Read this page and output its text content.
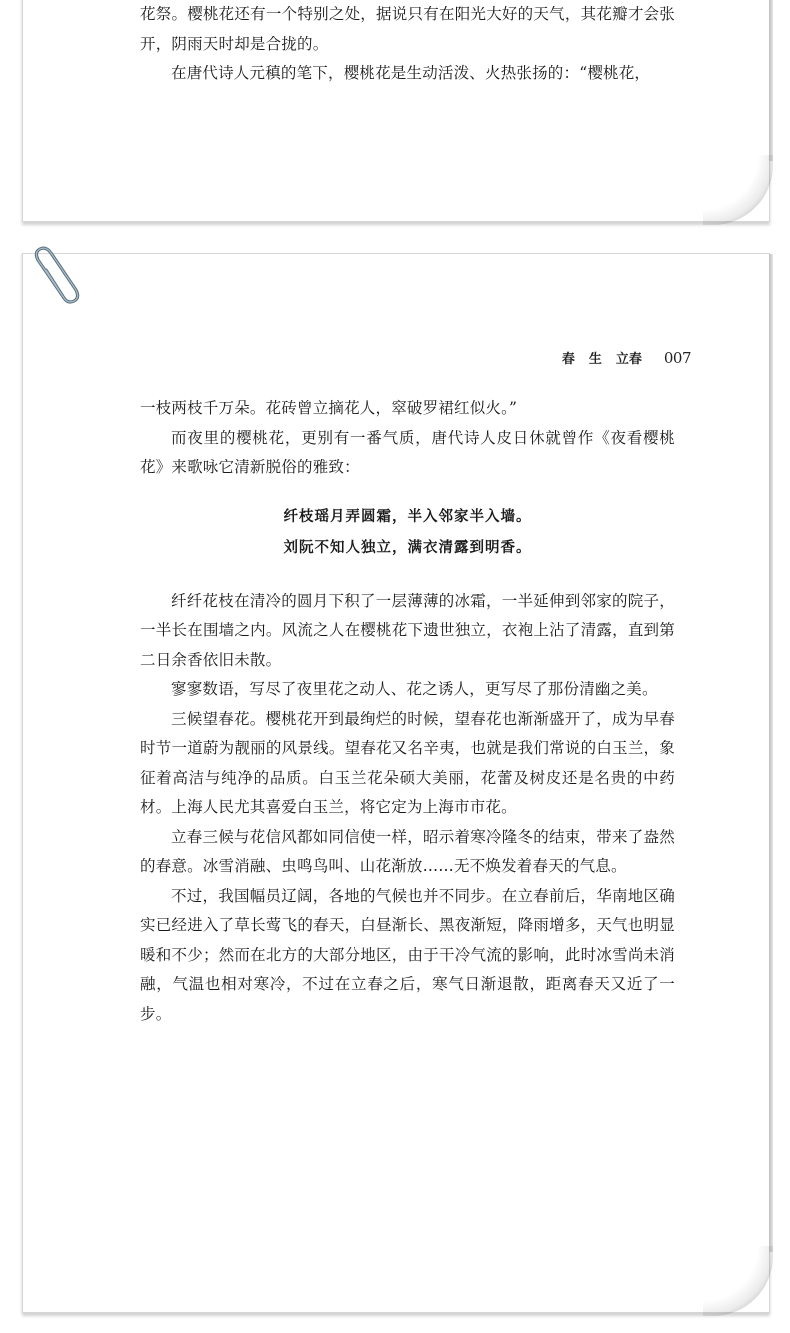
花祭。樱桃花还有一个特别之处，据说只有在阳光大好的天气，其花瓣才会张开，阴雨天时却是合拢的。

在唐代诗人元稹的笔下，樱桃花是生动活泼、火热张扬的：“樱桃花，

春 生 立春 007

一枝两枝千万朵。花砖曾立摘花人，窣破罗裙红似火。”

而夜里的樱桃花，更别有一番气质，唐代诗人皮日休就曾作《夜看樱桃花》来歌咏它清新脱俗的雅致：

纤枝瑶月弄圆霜，半入邻家半入墙。
刘阮不知人独立，满衣清露到明香。

纤纤花枝在清冷的圆月下积了一层薄薄的冰霜，一半延伸到邻家的院子，一半长在围墙之内。风流之人在樱桃花下遗世独立，衣袍上沾了清露，直到第二日余香依旧未散。

寥寥数语，写尽了夜里花之动人、花之诱人，更写尽了那份清幽之美。

三候望春花。樱桃花开到最绚烂的时候，望春花也渐渐盛开了，成为早春时节一道蔚为靓丽的风景线。望春花又名辛夷，也就是我们常说的白玉兰，象征着高洁与纯净的品质。白玉兰花朵硕大美丽，花蕾及树皮还是名贵的中药材。上海人民尤其喜爱白玉兰，将它定为上海市市花。

立春三候与花信风都如同信使一样，昭示着寒冷隆冬的结束，带来了盎然的春意。冰雪消融、虫鸣鸟叫、山花渐放……无不焕发着春天的气息。

不过，我国幅员辽阔，各地的气候也并不同步。在立春前后，华南地区确实已经进入了草长莺飞的春天，白昼渐长、黑夜渐短，降雨增多，天气也明显暖和不少；然而在北方的大部分地区，由于干冷气流的影响，此时冰雪尚未消融，气温也相对寒冷，不过在立春之后，寒气日渐退散，距离春天又近了一步。
